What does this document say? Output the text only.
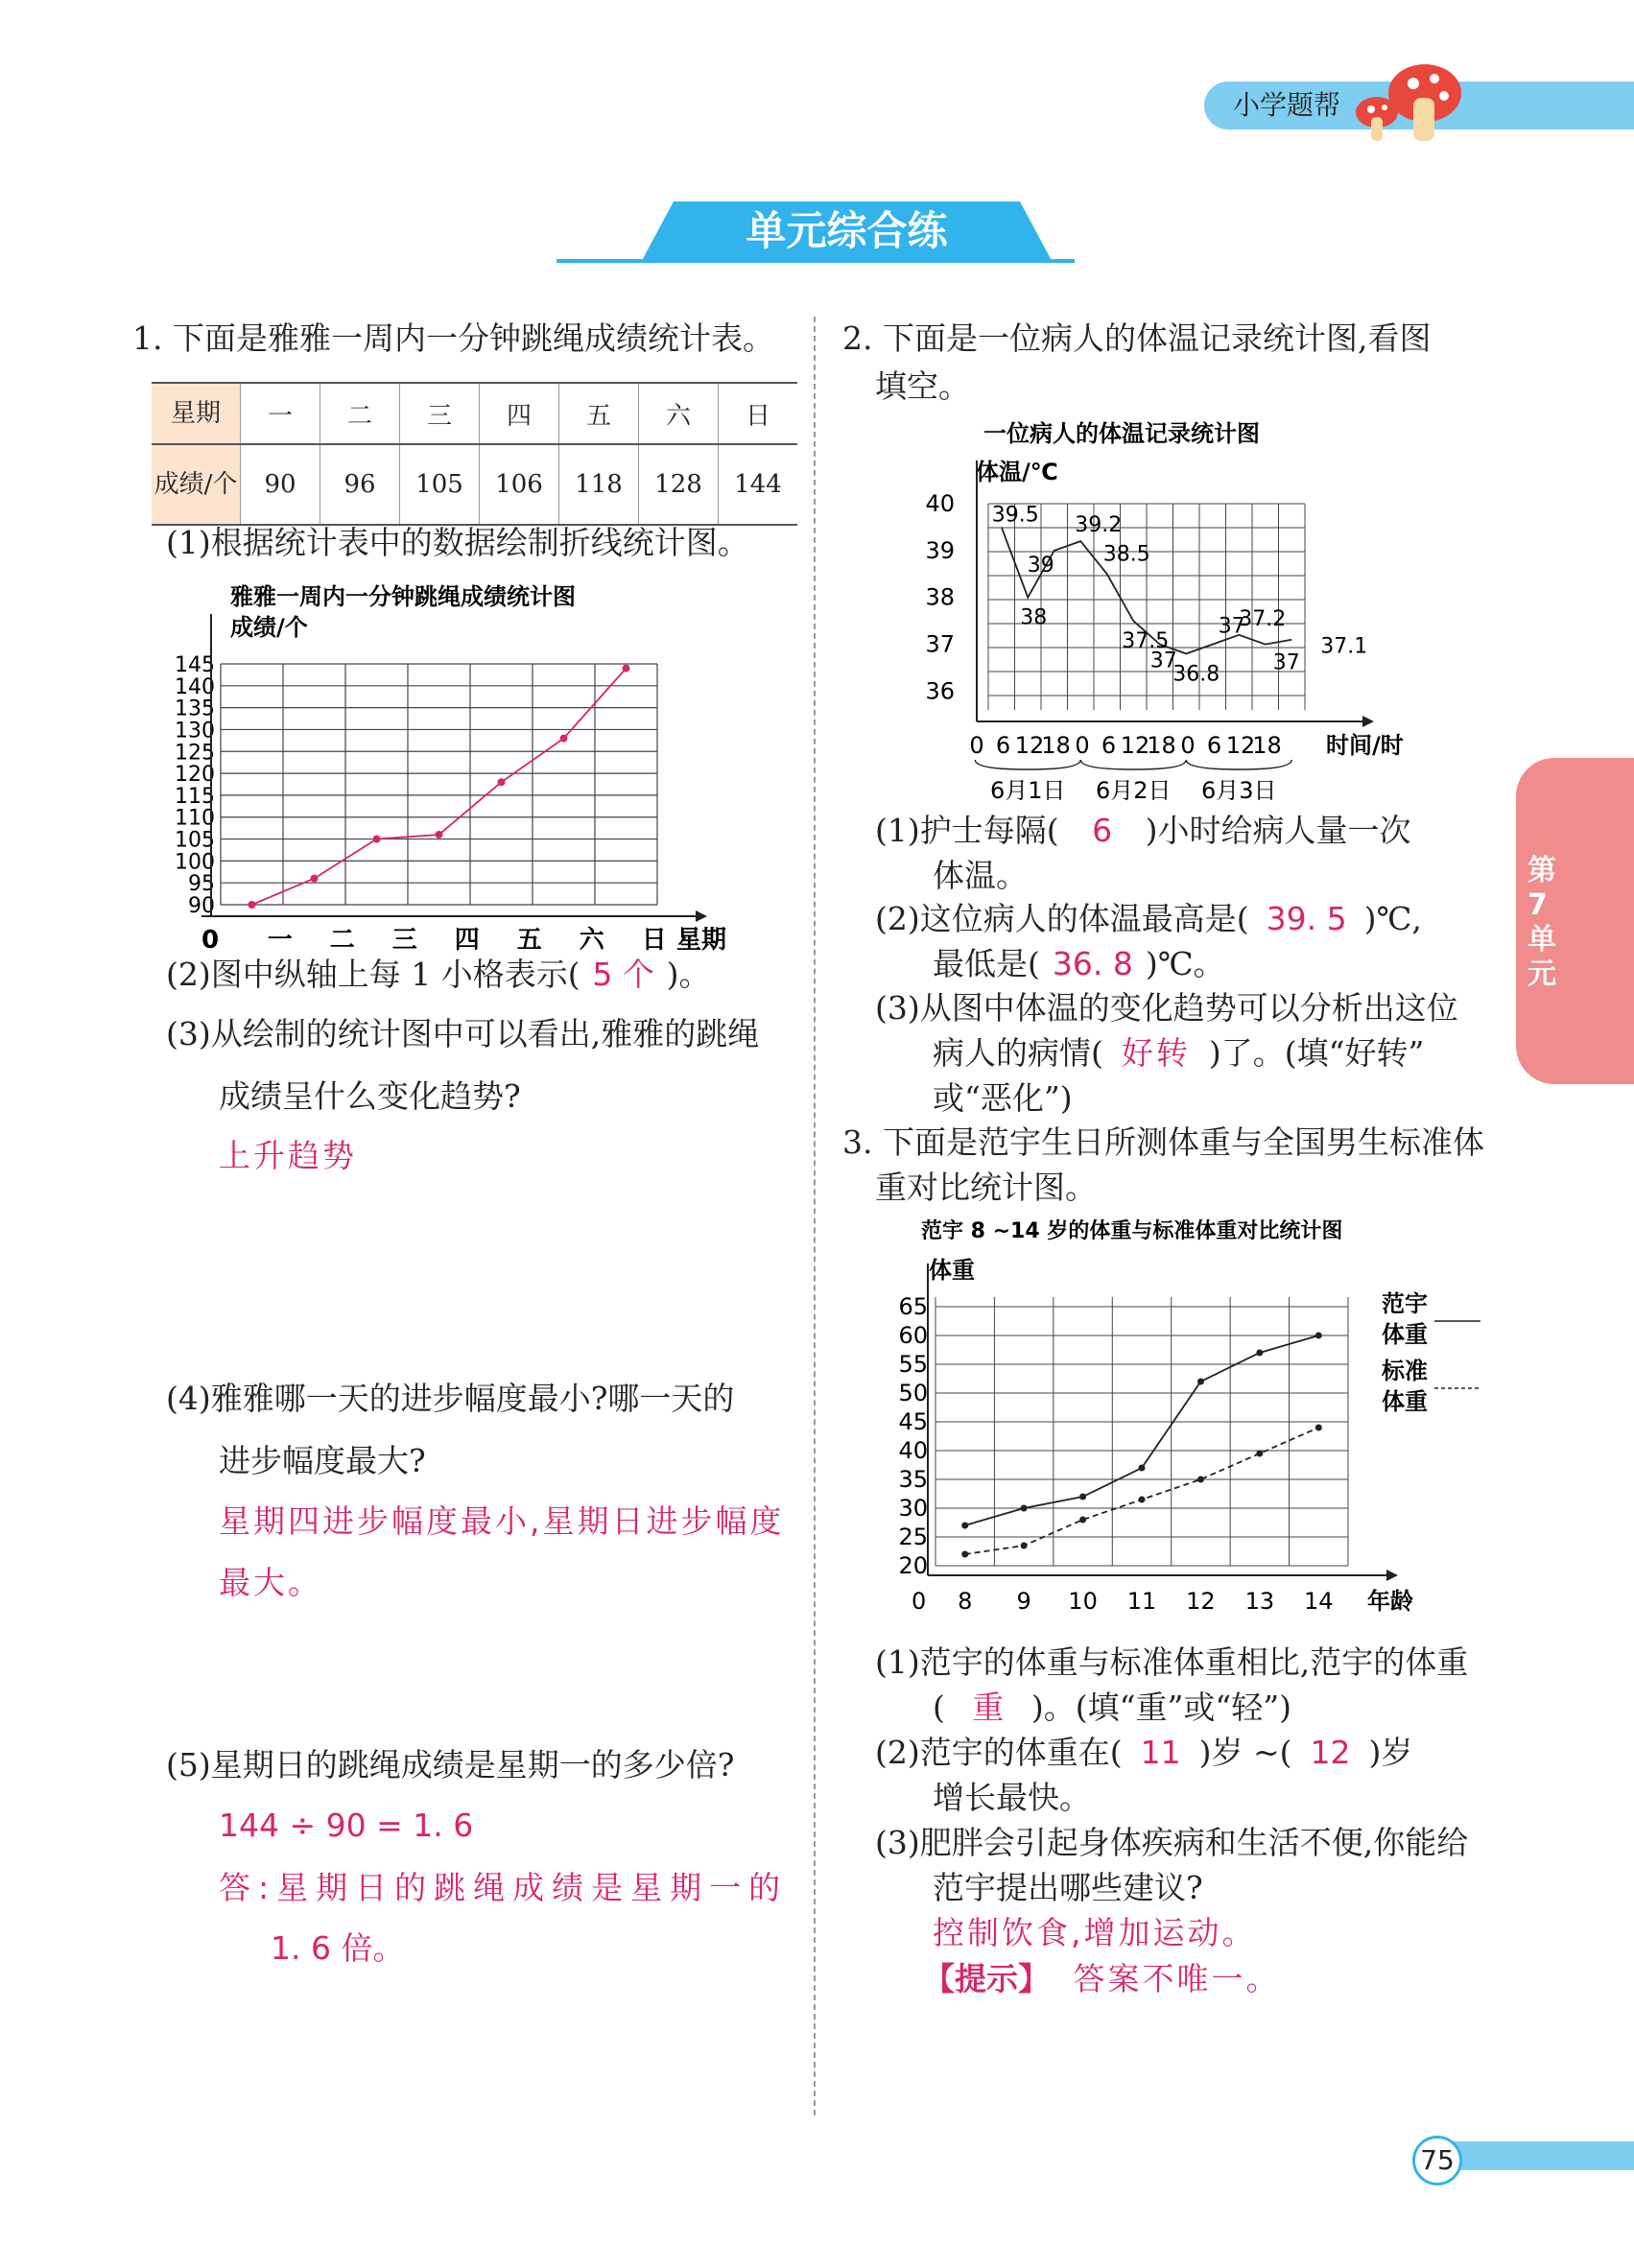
小学题帮
单元综合练
第7单元
75
1. 下面是雅雅一周内一分钟跳绳成绩统计表。
星期	一	二	三	四	五	六	日
成绩/个	90	96	105	106	118	128	144
(1)根据统计表中的数据绘制折线统计图。
雅雅一周内一分钟跳绳成绩统计图
成绩/个
90
95
100
105
110
115
120
125
130
135
140
145
0 一 二 三 四 五 六 日 星期
(2)图中纵轴上每 1 小格表示( 5 个 )。
(3)从绘制的统计图中可以看出,雅雅的跳绳
成绩呈什么变化趋势?
上升趋势
(4)雅雅哪一天的进步幅度最小?哪一天的
进步幅度最大?
星期四进步幅度最小,星期日进步幅度
最大。
(5)星期日的跳绳成绩是星期一的多少倍?
144 ÷ 90 = 1. 6
答:星期日的跳绳成绩是星期一的
1. 6 倍。
2. 下面是一位病人的体温记录统计图,看图
填空。
一位病人的体温记录统计图
体温/℃
36
37
38
39
40
0 6 12
18 0 6 12
18 0 6 12
18 时间/时
6月1日 6月2日 6月3日
39.5
38
39
39.2
38.5
37.5
37
36.8
37
37.2
37
37.1
(1)护士每隔( 6 )小时给病人量一次
体温。
(2)这位病人的体温最高是( 39. 5 )℃,
最低是( 36. 8 )℃。
(3)从图中体温的变化趋势可以分析出这位
病人的病情( 好转 )了。(填“好转”
或“恶化”)
3. 下面是范宇生日所测体重与全国男生标准体
重对比统计图。
范宇 8 ~14 岁的体重与标准体重对比统计图
体重
20
25
30
35
40
45
50
55
60
65
0 8 9 10 11 12 13 14 年龄
范宇
体重
标准
体重
(1)范宇的体重与标准体重相比,范宇的体重
( 重 )。(填“重”或“轻”)
(2)范宇的体重在( 11 )岁 ~( 12 )岁
增长最快。
(3)肥胖会引起身体疾病和生活不便,你能给
范宇提出哪些建议?
控制饮食,增加运动。
【提示】 答案不唯一。
